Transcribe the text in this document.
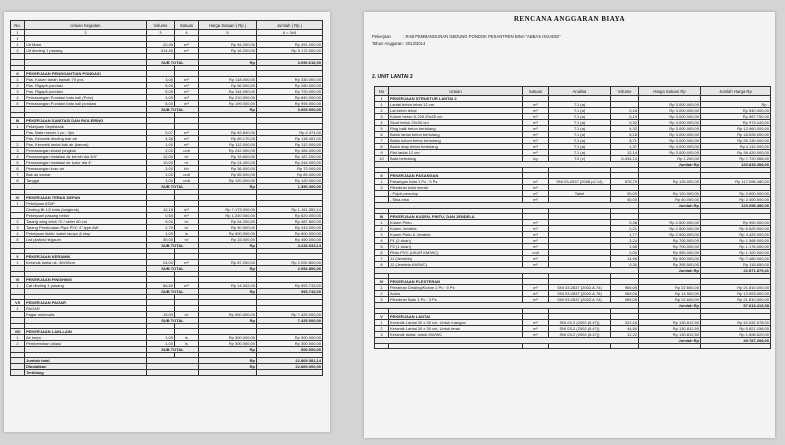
No.	Uraian Kegiatan	Volume	Satuan	Harga Satuan ( Rp )	Jumlah ( Rp )
1	2	3	4	5	6 = 3x5
I					
1	Uit Mata	20,45	m²	Rp 54.200,00	Rp 391.000,00
2	Uit dinding 1 pasang	314,40	m²	Rp 16.200,00	Rp 5.172.000,00

		SUB TOTAL		Rp	3.090.616,00

II	PEKERJAAN PENGGANTIAN PONDASI				
1	Pas. Kusen tanah bawah 70 pcs	3,00	m²	Rp 118.000,00	Rp 330.000,00
2	Pas. Rigapit pondasi	5,00	m³	Rp 56.000,00	Rp 280.000,00
3	Pas. Rigapit pondasi	5,00	m³	Rp 144.000,00	Rp 720.000,00
4	Pemasangan Pondasi batu kali (Poto)	4,00	m³	Rp 210.000,00	Rp 840.000,00
5	Pemasangan Pondasi batu kali pondasi	5,00	m³	Rp 199.000,00	Rp 995.000,00
		SUB TOTAL		Rp	3.065.000,00

III	PEKERJAAN SANITASI DAN RIOLERING				
1	Pekerjaan Septiktank				
	Pas. Bata merah 1 pc : 3ps	0,07	m²	Rp 62.840,00	Rp 4.374,00
	Pas. Keramik dinding bak air	4,36	m²	Rp 89.170,00	Rp 118.451,00
2	Pas. Keramik lantai bak air (kamar)	1,00	m²	Rp 112.000,00	Rp 112.000,00
3	Pemasangan kloset jongkok	2,00	unit	Rp 242.000,00	Rp 484.000,00
4	Pemasangan instalasi air bersih dia 3/4"	12,00	m'	Rp 15.600,00	Rp 187.200,00
5	Pemasangan instalasi air kotor dia 4"	10,00	m'	Rp 24.400,00	Rp 244.000,00
6	Pemasangan kran air	2,00	bh	Rp 36.000,00	Rp 72.000,00
7	Bak air kamar	1,00	unit	Rp 85.000,00	Rp 85.000,00
8	Tangga	1,00	unit	Rp 120.000,00	Rp 120.000,00
		SUB TOTAL		Rp	1.390.300,00

IV	PEKERJAAN TERAS DEPAN				
1	Pekerjaan ATAP				
	Dinding Bt 1/2 bata (tongkrok)	12,18	m²	Rp 7.173.000,00	Rp 1.161.352,14
	Pekerjaan pasang beton	0,50	m³	Rp 1.240.000,00	Rp 620.000,00
2	Tatang wing brick 70 / rafter 80 cm	9,00	m'	Rp 54.200,00	Rp 487.800,00
3	Talang Pembuatan Pipa PVC 4" type AW	2,70	m'	Rp 90.000,00	Rp 243.000,00
4	Pekerjaan listrik: kabel lampu & stop	1,00	ls	Rp 600.000,00	Rp 600.000,00
5	List plafond tegaum	30,00	m'	Rp 15.000,00	Rp 450.000,00
		SUB TOTAL		Rp	4.233.033,14

V	PEKERJAAN KERAMIK				
1	Keramik lantai uk. 30x30cm	24,00	m²	Rp 87.200,00	Rp 2.092.800,00
		SUB TOTAL		Rp	2.092.800,00

VI	PEKERJAAN FINISHING				
1	Cat dinding 1 pasang	66,50	m²	Rp 14.342,00	Rp 953.743,00
		SUB TOTAL		Rp	953.743,00

VII	PEKERJAAN PAGAR				
1	PAGAR				
	Pagar minimalis	15,00	m'	Rp 500.000,00	Rp 7.425.000,00
		SUB TOTAL		Rp	7.425.000,00

VIII	PEKERJAAN LAIN-LAIN				
1	Air kerja	1,00	ls	Rp 300.000,00	Rp 300.000,00
2	Pembersihan lokasi	1,00	ls	Rp 300.000,00	Rp 300.000,00
		SUB TOTAL		Rp	600.000,00

	Jumlah total			Rp	22.869.381,14
	Dibulatkan			Rp	22.869.000,00
	Terbilang				
RENCANA ANGGARAN BIAYA
Pekerjaan	: RAB PEMBANGUNAN GEDUNG PONDOK PESANTREN BINA "ABBAS ISGADIE"
Tahun Anggaran : 2013/2014
2. UNIT LANTAI 2
No	Uraian	Satuan	Analisa	Volume	Harga Satuan Rp	Jumlah Harga Rp
I	PEKERJAAN STRUKTUR LANTAI 2					
1	Lantai beton lebar 12 cm	m³	T.1 (a)		Rp 3.000.000,00	Rp -
2	Lat beton tebal	m³	T.1 (a)	0,18	Rp 3.000.000,00	Rp 540.000,00
3	Kolom beton K.225 25x25 cm	m³	T.1 (a)	0,19	Rp 3.000.000,00	Rp 567.750,00
4	Sloof beton 20x30 cm	m³	T.1 (a)	0,32	Rp 3.000.000,00	Rp 973.440,00
5	Ring balk beton bertulang	m³	T.1 (a)	4,32	Rp 3.000.000,00	Rp 12.960.000,00
6	Balok lantai beton bertulang	m³	T.1 (a)	6,18	Rp 3.000.000,00	Rp 18.528.000,00
7	Balok kolom beton bertulang	m³	T.1 (a)	8,71	Rp 3.000.000,00	Rp 26.130.000,00
8	Balok atap beton bertulang	m³	T.1 (a)	1,37	Rp 3.000.000,00	Rp 4.110.000,00
9	Plat lantai 12 cm	m³	T.1 (a)	12,14	Rp 3.000.000,00	Rp 36.420.000,00
10	Bata bertulang	kg	T.2 (c)	6.434,14	Rp 1.200,00	Rp 7.720.968,00
					Jumlah Rp	120.815.408,00

II	PEKERJAAN PASANGAN					
1	Pasangan bata 1 Pc : 5 Ps	m²	SNI 03-2837 (2008.p2.14)	876,79	Rp 125.000,00	Rp 117.098.480,00
2	Plesteran bata merah	m²				
	- Pojok penutup	m²	Tabel	30,00	Rp 120.000,00	Rp 3.600.000,00
	- Sisa-nisa	m²		40,00	Rp 60.000,00	Rp 2.400.000,00
					Jumlah Rp	123.098.480,00

III	PEKERJAAN KUSEN, PINTU, DAN JENDELA					
1	Kusen Pintu	m³		0,38	Rp 2.500.000,00	Rp 950.000,00
2	Kusen Jendela	m³		2,21	Rp 2.500.000,00	Rp 5.525.000,00
3	Kusen Pintu & Jendela	m³		1,77	Rp 2.500.000,00	Rp 4.425.000,00
4	P1 (2 doan)	m²		2,24	Rp 700.000,00	Rp 1.568.000,00
5	P2 (1 doan)	m²		1,68	Rp 700.000,00	Rp 1.176.000,00
6	Pintu PVC (UKUR KM/WC)	unit		2,00	Rp 550.000,00	Rp 1.100.000,00
7	J1 (Jendela)	m²		14,96	Rp 500.000,00	Rp 7.480.000,00
8	J2 (Jendela KM/WC)	m²		0,30	Rp 395.500,00	Rp 118.650,00
					Jumlah Rp	22.871.879,41

IV	PEKERJAAN PLESTERAN					
1	Plesteran Dinding/Kolom 1 Pc : 5 Ps	m²	SNI 03-2837 (2002.A.74)	965,05	Rp 22.600,00	Rp 21.810.000,00
2	Acian	m²	SNI 03-2837 (2002.A.76)	965,05	Rp 14.500,00	Rp 13.993.000,00
3	Plesteran Batu 1 Pc : 3 Ps	m²	SNI 03-2837 (2002.A.74)	965,05	Rp 22.600,00	Rp 21.810.000,00
					Jumlah Rp	57.613.413,38

V	PEKERJAAN LANTAI					
1	Keramik Lantai 30 x 30 cm, Untuk ruangan	m²	SNI 03-2 (2002.(5.47))	322,16	Rp 130.812,50	Rp 42.032.078,00
2	Keramik Lantai 30 x 30 cm, Untuk teras	m²	SNI 03-2 (2002.(5.47))	44,50	Rp 130.812,50	Rp 5.821.156,00
3	Keramik lantai, untuk KM/WC	m²	SNI 03-2 (2002.(5.47))	12,22	Rp 130.812,50	Rp 1.598.529,00
					Jumlah Rp	49.787.208,00
